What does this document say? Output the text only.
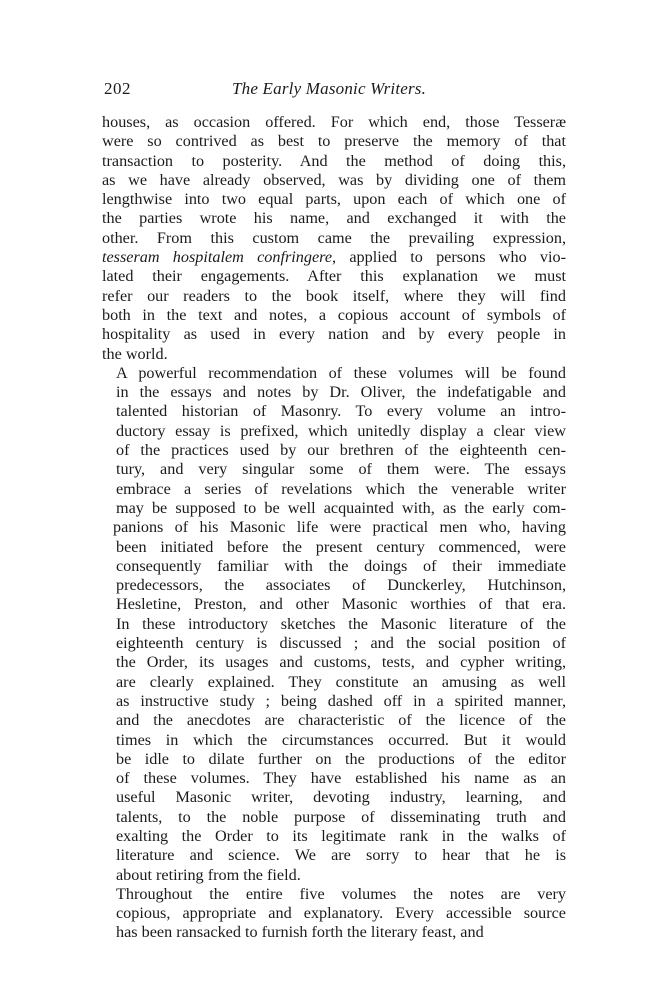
202	The Early Masonic Writers.

houses, as occasion offered. For which end, those Tesseræ
were so contrived as best to preserve the memory of that
transaction to posterity. And the method of doing this,
as we have already observed, was by dividing one of them
lengthwise into two equal parts, upon each of which one of
the parties wrote his name, and exchanged it with the
other. From this custom came the prevailing expression,
tesseram hospitalem confringere, applied to persons who vio-
lated their engagements. After this explanation we must
refer our readers to the book itself, where they will find
both in the text and notes, a copious account of symbols of
hospitality as used in every nation and by every people in
the world.

A powerful recommendation of these volumes will be found
in the essays and notes by Dr. Oliver, the indefatigable and
talented historian of Masonry. To every volume an intro-
ductory essay is prefixed, which unitedly display a clear view
of the practices used by our brethren of the eighteenth cen-
tury, and very singular some of them were. The essays
embrace a series of revelations which the venerable writer
may be supposed to be well acquainted with, as the early com-
panions of his Masonic life were practical men who, having
been initiated before the present century commenced, were
consequently familiar with the doings of their immediate
predecessors, the associates of Dunckerley, Hutchinson,
Hesletine, Preston, and other Masonic worthies of that era.
In these introductory sketches the Masonic literature of the
eighteenth century is discussed ; and the social position of
the Order, its usages and customs, tests, and cypher writing,
are clearly explained. They constitute an amusing as well
as instructive study ; being dashed off in a spirited manner,
and the anecdotes are characteristic of the licence of the
times in which the circumstances occurred. But it would
be idle to dilate further on the productions of the editor
of these volumes. They have established his name as an
useful Masonic writer, devoting industry, learning, and
talents, to the noble purpose of disseminating truth and
exalting the Order to its legitimate rank in the walks of
literature and science. We are sorry to hear that he is
about retiring from the field.

Throughout the entire five volumes the notes are very
copious, appropriate and explanatory. Every accessible source
has been ransacked to furnish forth the literary feast, and
